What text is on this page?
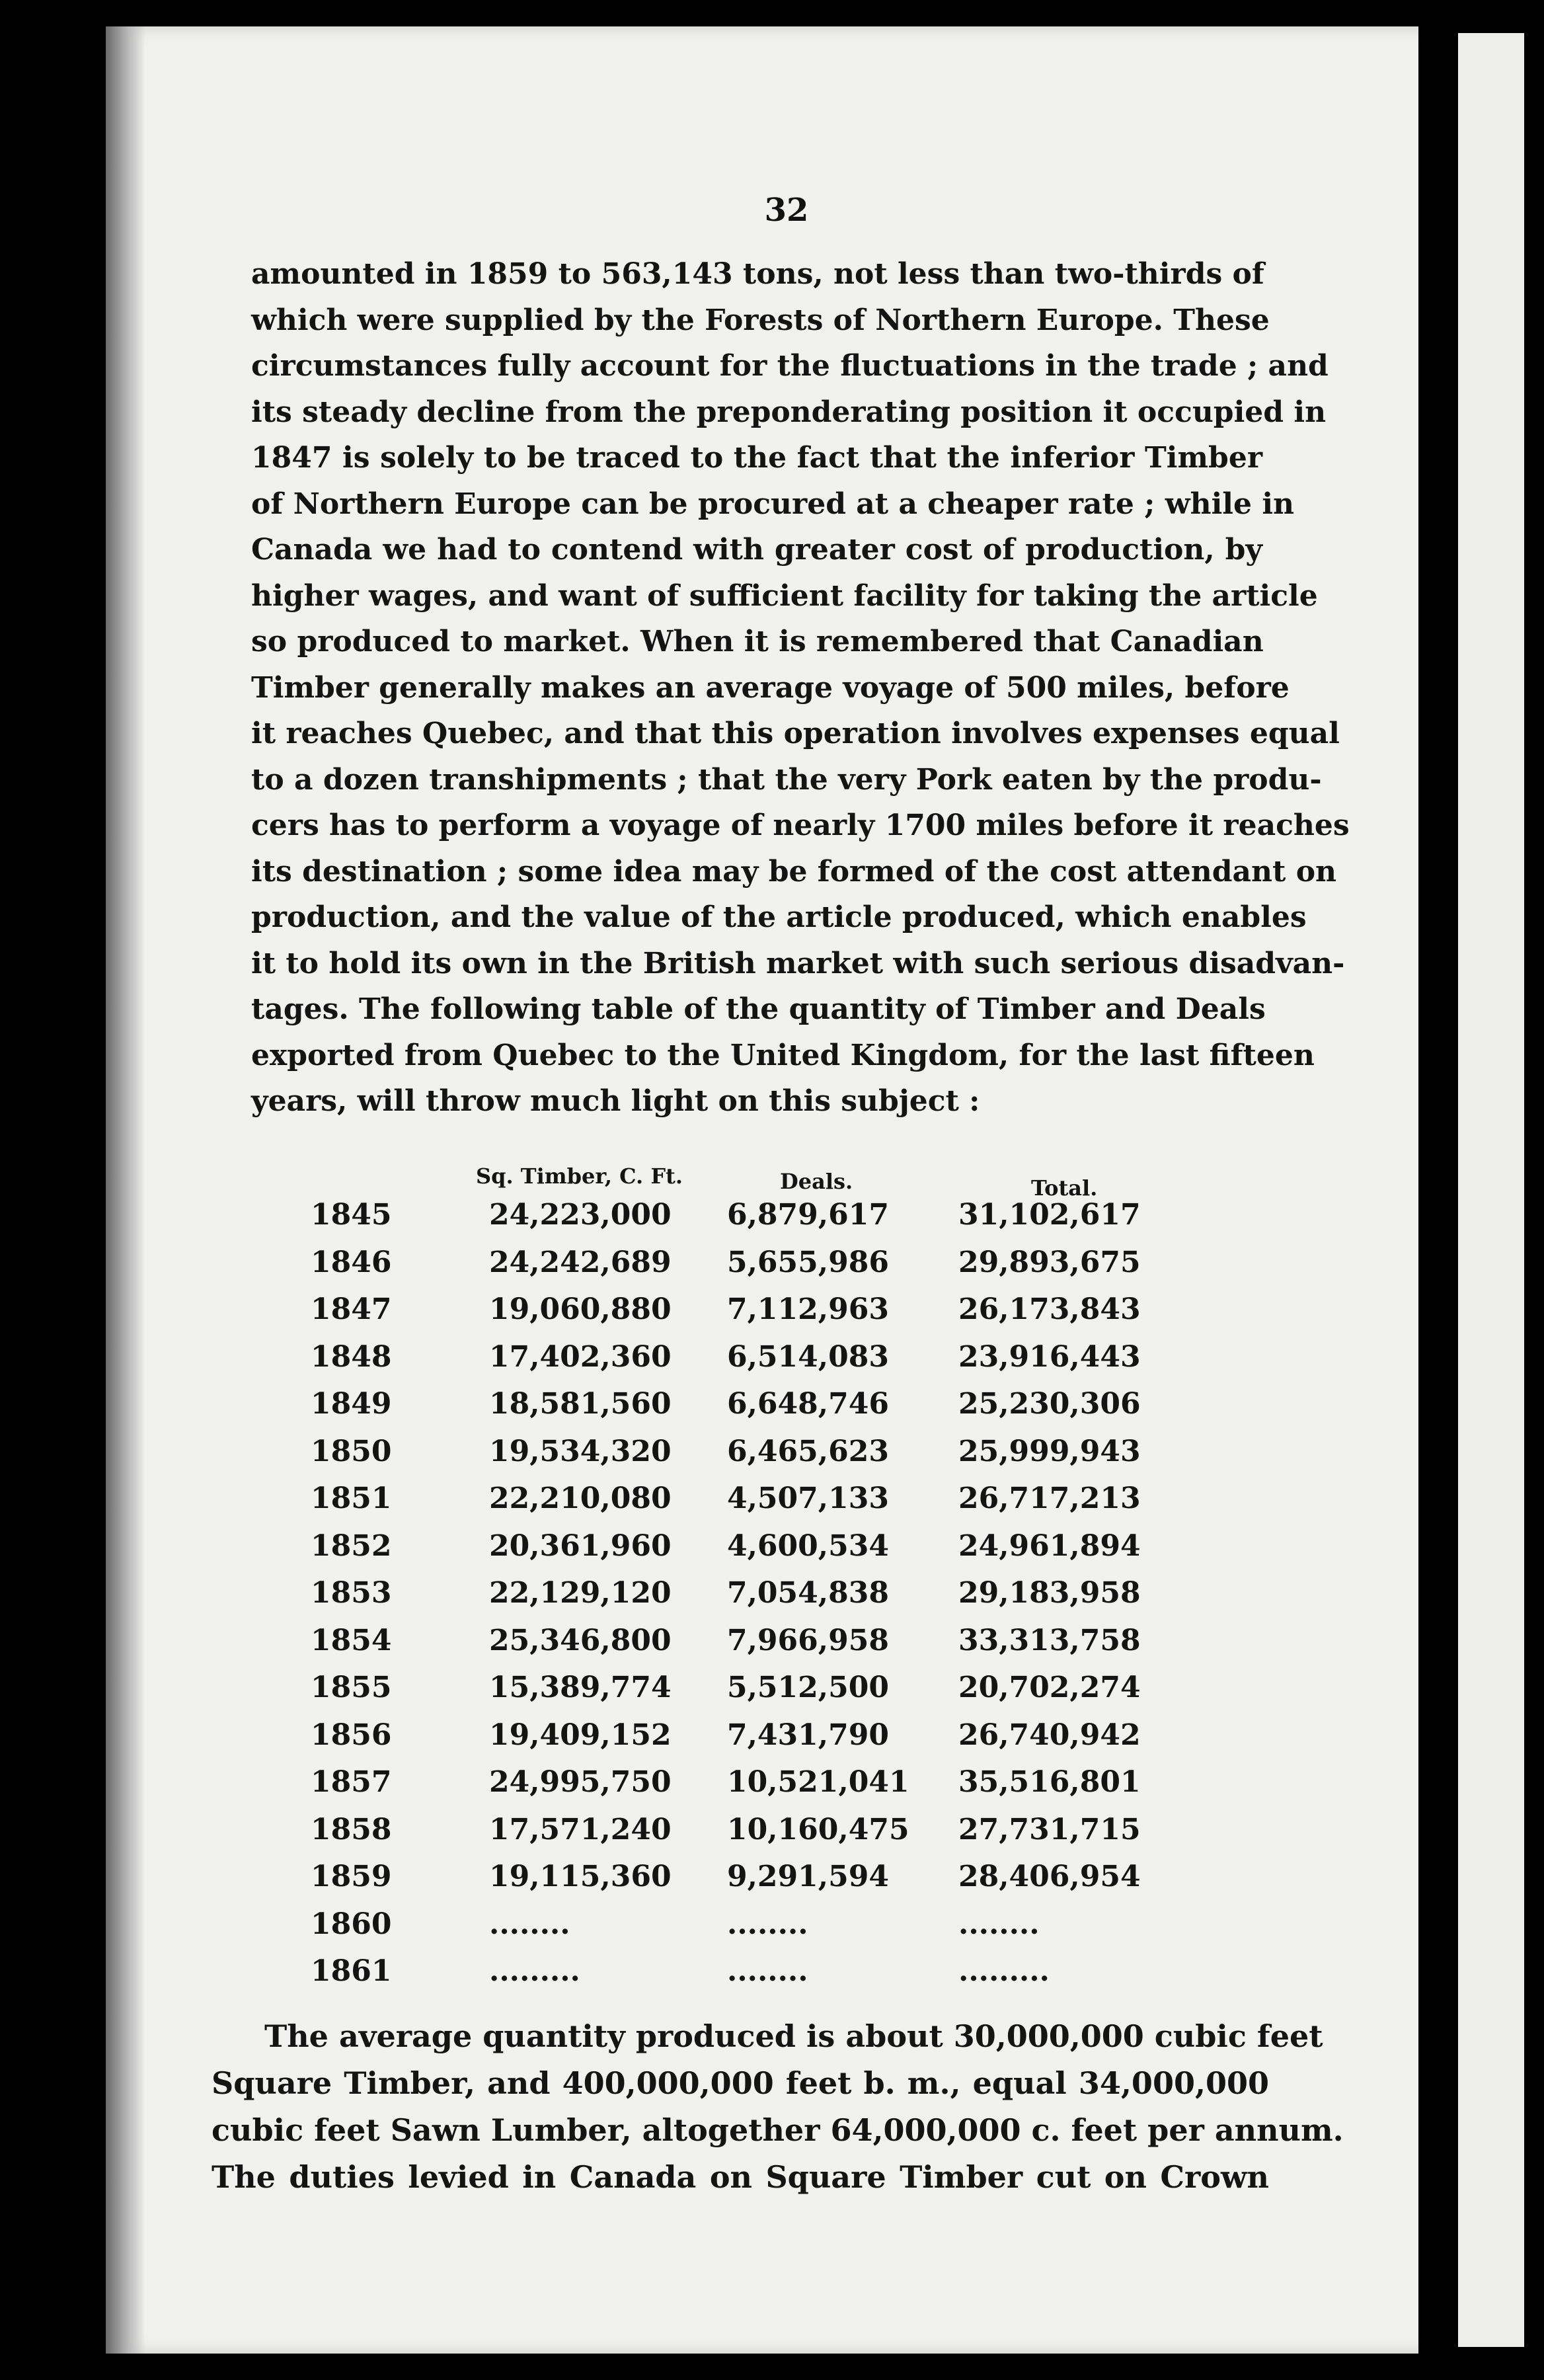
32
amounted in 1859 to 563,143 tons, not less than two-thirds of
which were supplied by the Forests of Northern Europe. These
circumstances fully account for the fluctuations in the trade ; and
its steady decline from the preponderating position it occupied in
1847 is solely to be traced to the fact that the inferior Timber
of Northern Europe can be procured at a cheaper rate ; while in
Canada we had to contend with greater cost of production, by
higher wages, and want of sufficient facility for taking the article
so produced to market. When it is remembered that Canadian
Timber generally makes an average voyage of 500 miles, before
it reaches Quebec, and that this operation involves expenses equal
to a dozen transhipments ; that the very Pork eaten by the produ-
cers has to perform a voyage of nearly 1700 miles before it reaches
its destination ; some idea may be formed of the cost attendant on
production, and the value of the article produced, which enables
it to hold its own in the British market with such serious disadvan-
tages. The following table of the quantity of Timber and Deals
exported from Quebec to the United Kingdom, for the last fifteen
years, will throw much light on this subject :
Sq. Timber, C. Ft.	Deals.	Total.
1845	24,223,000 6,879,617 31,102,617
1846	24,242,689 5,655,986 29,893,675
1847	19,060,880 7,112,963 26,173,843
1848	17,402,360 6,514,083 23,916,443
1849	18,581,560 6,648,746 25,230,306
1850	19,534,320 6,465,623 25,999,943
1851	22,210,080 4,507,133 26,717,213
1852	20,361,960 4,600,534 24,961,894
1853	22,129,120 7,054,838 29,183,958
1854	25,346,800 7,966,958 33,313,758
1855	15,389,774 5,512,500 20,702,274
1856	19,409,152 7,431,790 26,740,942
1857	24,995,750 10,521,041 35,516,801
1858	17,571,240 10,160,475 27,731,715
1859	19,115,360 9,291,594 28,406,954
1860	........	........	........
1861	.........	........	.........
The average quantity produced is about 30,000,000 cubic feet
Square Timber, and 400,000,000 feet b. m., equal 34,000,000
cubic feet Sawn Lumber, altogether 64,000,000 c. feet per annum.
The duties levied in Canada on Square Timber cut on Crown
